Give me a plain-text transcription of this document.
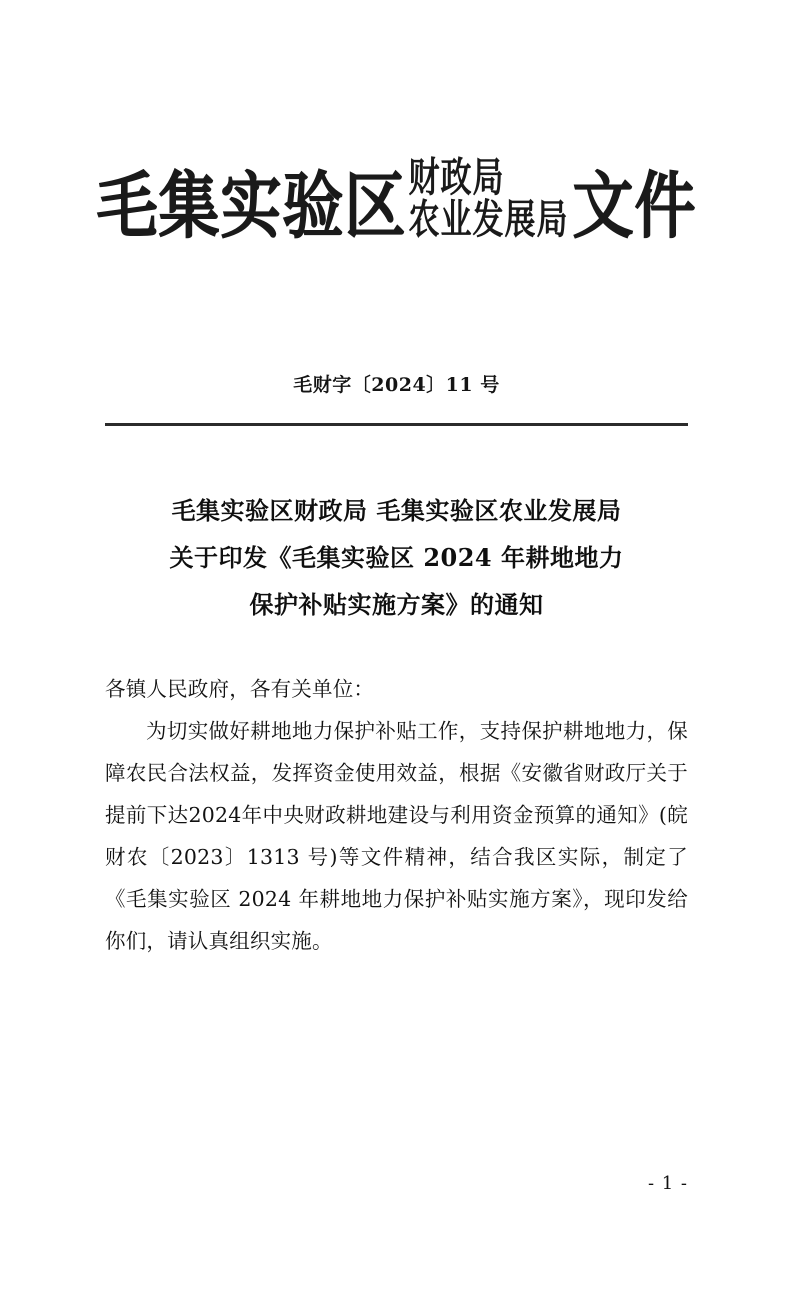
毛集实验区 财政局
农业发展局 文件
毛财字〔2024〕11 号
毛集实验区财政局 毛集实验区农业发展局
关于印发《毛集实验区 2024 年耕地地力
保护补贴实施方案》的通知

各镇人民政府，各有关单位：

为切实做好耕地地力保护补贴工作，支持保护耕地地力，保障农民合法权益，发挥资金使用效益，根据《安徽省财政厅关于提前下达2024年中央财政耕地建设与利用资金预算的通知》(皖财农〔2023〕1313 号)等文件精神，结合我区实际，制定了《毛集实验区 2024 年耕地地力保护补贴实施方案》，现印发给你们，请认真组织实施。

- 1 -
